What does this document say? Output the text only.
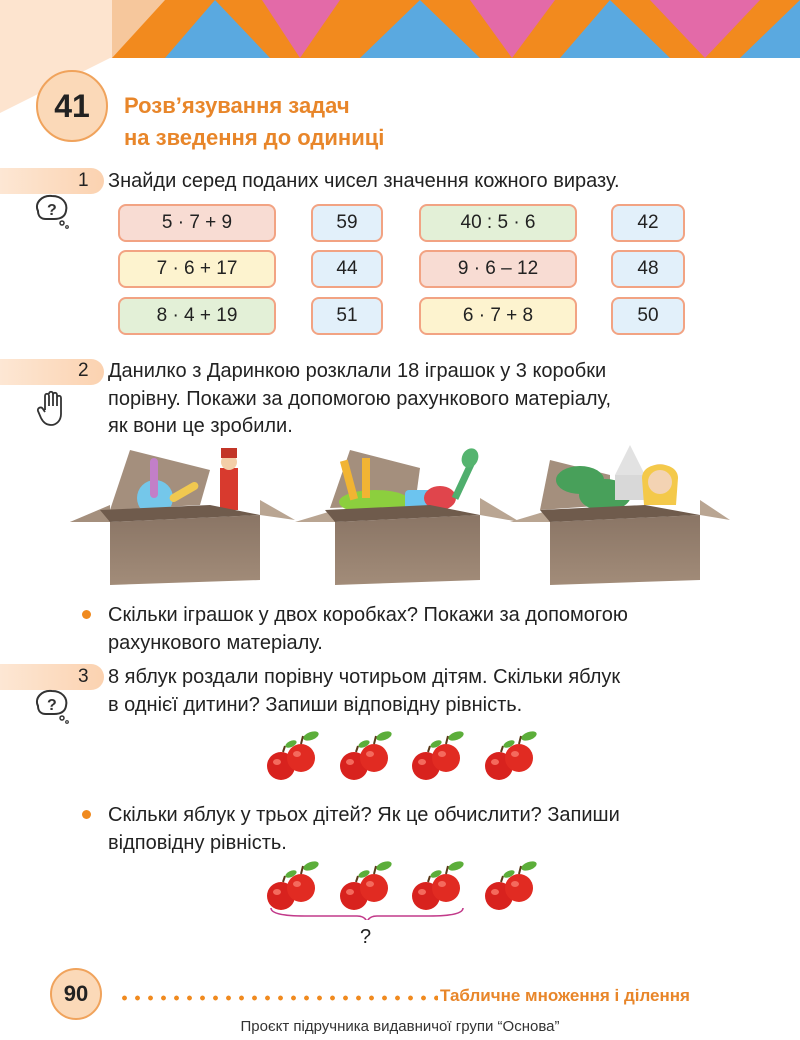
41	Розв’язування задач
на зведення до одиниці
1 Знайди серед поданих чисел значення кожного виразу.
?
5 · 7 + 9
7 · 6 + 17
8 · 4 + 19
59
44
51
40 : 5 · 6
9 · 6 – 12
6 · 7 + 8
42
48
50
2 Данилко з Даринкою розклали 18 іграшок у 3 коробки
порівну. Покажи за допомогою рахункового матеріалу,
як вони це зробили.
Скільки іграшок у двох коробках? Покажи за допомогою
рахункового матеріалу.
3 8 яблук роздали порівну чотирьом дітям. Скільки яблук
в однієї дитини? Запиши відповідну рівність.
?
Скільки яблук у трьох дітей? Як це обчислити? Запиши
відповідну рівність.
?
90	Табличне множення і ділення
Проєкт підручника видавничої групи “Основа”
